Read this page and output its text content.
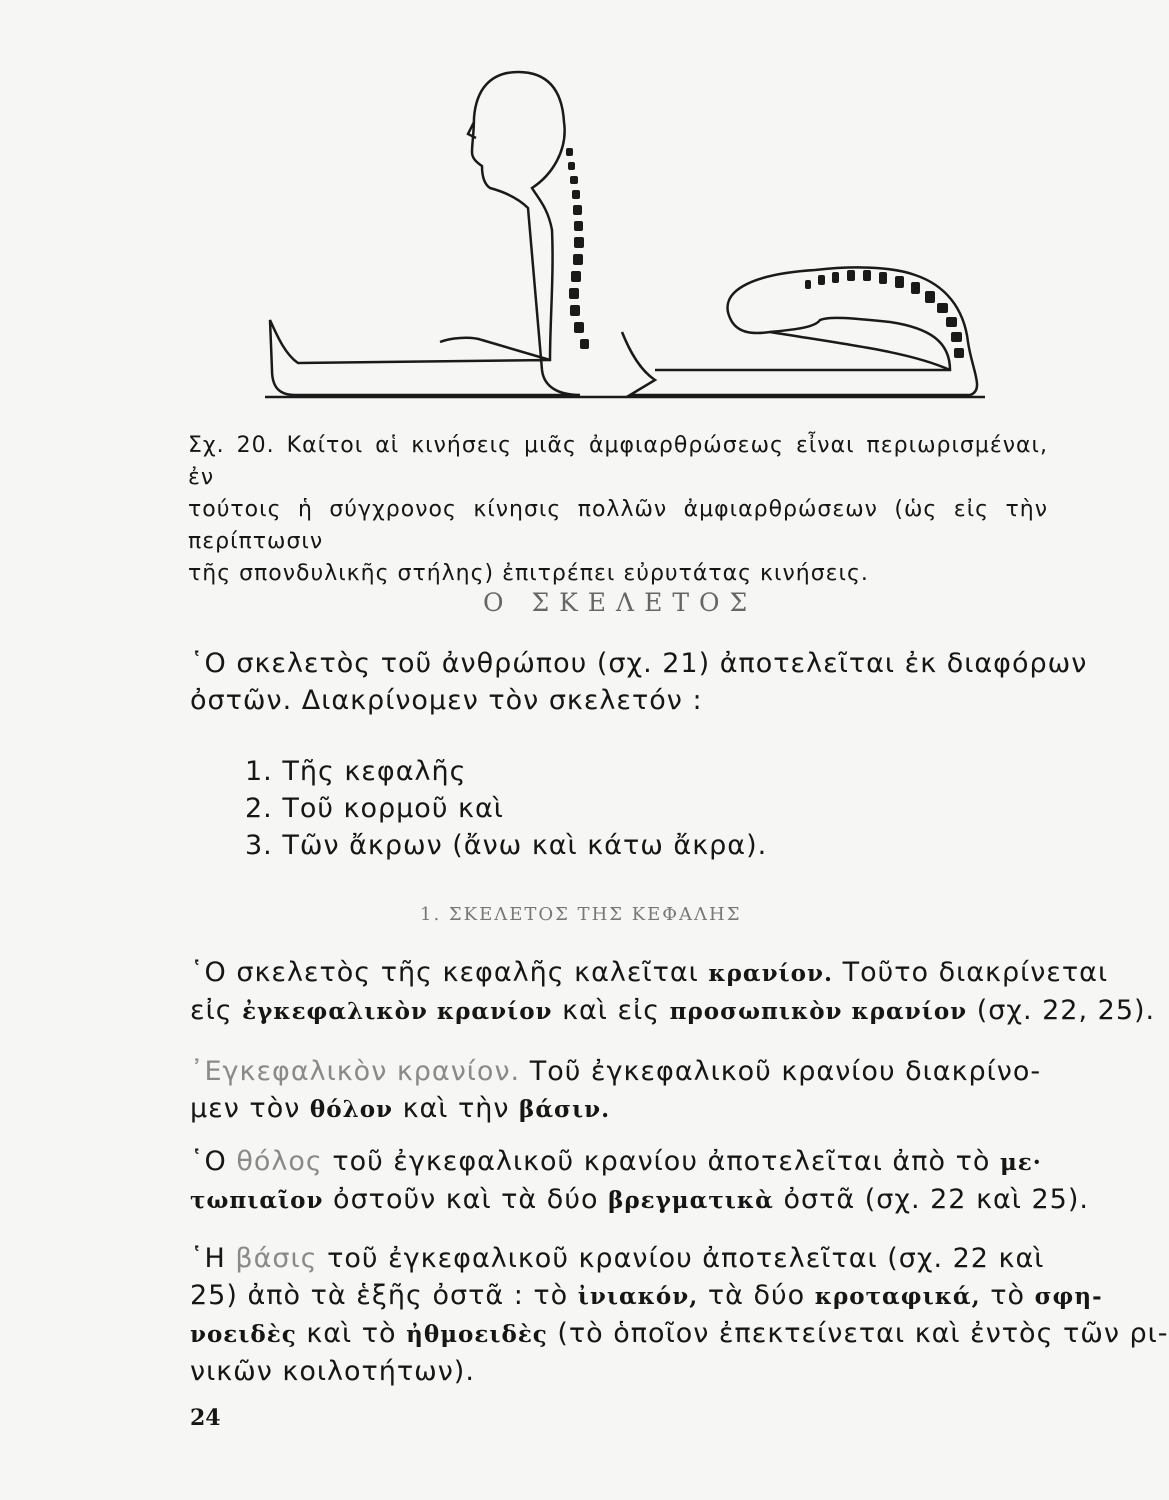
Σχ. 20. Καίτοι αἱ κινήσεις μιᾶς ἀμφιαρθρώσεως εἶναι περιωρισμέναι, ἐν

τούτοις ἡ σύγχρονος κίνησις πολλῶν ἀμφιαρθρώσεων (ὡς εἰς τὴν περίπτωσιν

τῆς σπονδυλικῆς στήλης) ἐπιτρέπει εὐρυτάτας κινήσεις.

Ο ΣΚΕΛΕΤΟΣ

῾Ο σκελετὸς τοῦ ἀνθρώπου (σχ. 21) ἀποτελεῖται ἐκ διαφόρων
ὀστῶν. Διακρίνομεν τὸν σκελετόν :

1. Τῆς κεφαλῆς
2. Τοῦ κορμοῦ καὶ
3. Τῶν ἄκρων (ἄνω καὶ κάτω ἄκρα).
1. ΣΚΕΛΕΤΟΣ ΤΗΣ ΚΕΦΑΛΗΣ

῾Ο σκελετὸς τῆς κεφαλῆς καλεῖται κρανίον. Τοῦτο διακρίνεται
εἰς ἐγκεφαλικὸν κρανίον καὶ εἰς προσωπικὸν κρανίον (σχ. 22, 25).

᾿Εγκεφαλικὸν κρανίον. Τοῦ ἐγκεφαλικοῦ κρανίου διακρίνο-
μεν τὸν θόλον καὶ τὴν βάσιν.

῾Ο θόλος τοῦ ἐγκεφαλικοῦ κρανίου ἀποτελεῖται ἀπὸ τὸ με·
τωπιαῖον ὀστοῦν καὶ τὰ δύο βρεγματικὰ ὀστᾶ (σχ. 22 καὶ 25).

῾Η βάσις τοῦ ἐγκεφαλικοῦ κρανίου ἀποτελεῖται (σχ. 22 καὶ
25) ἀπὸ τὰ ἑξῆς ὀστᾶ : τὸ ἰνιακόν, τὰ δύο κροταφικά, τὸ σφη-
νοειδὲς καὶ τὸ ἠθμοειδὲς (τὸ ὁποῖον ἐπεκτείνεται καὶ ἐντὸς τῶν ρι-
νικῶν κοιλοτήτων).

24
